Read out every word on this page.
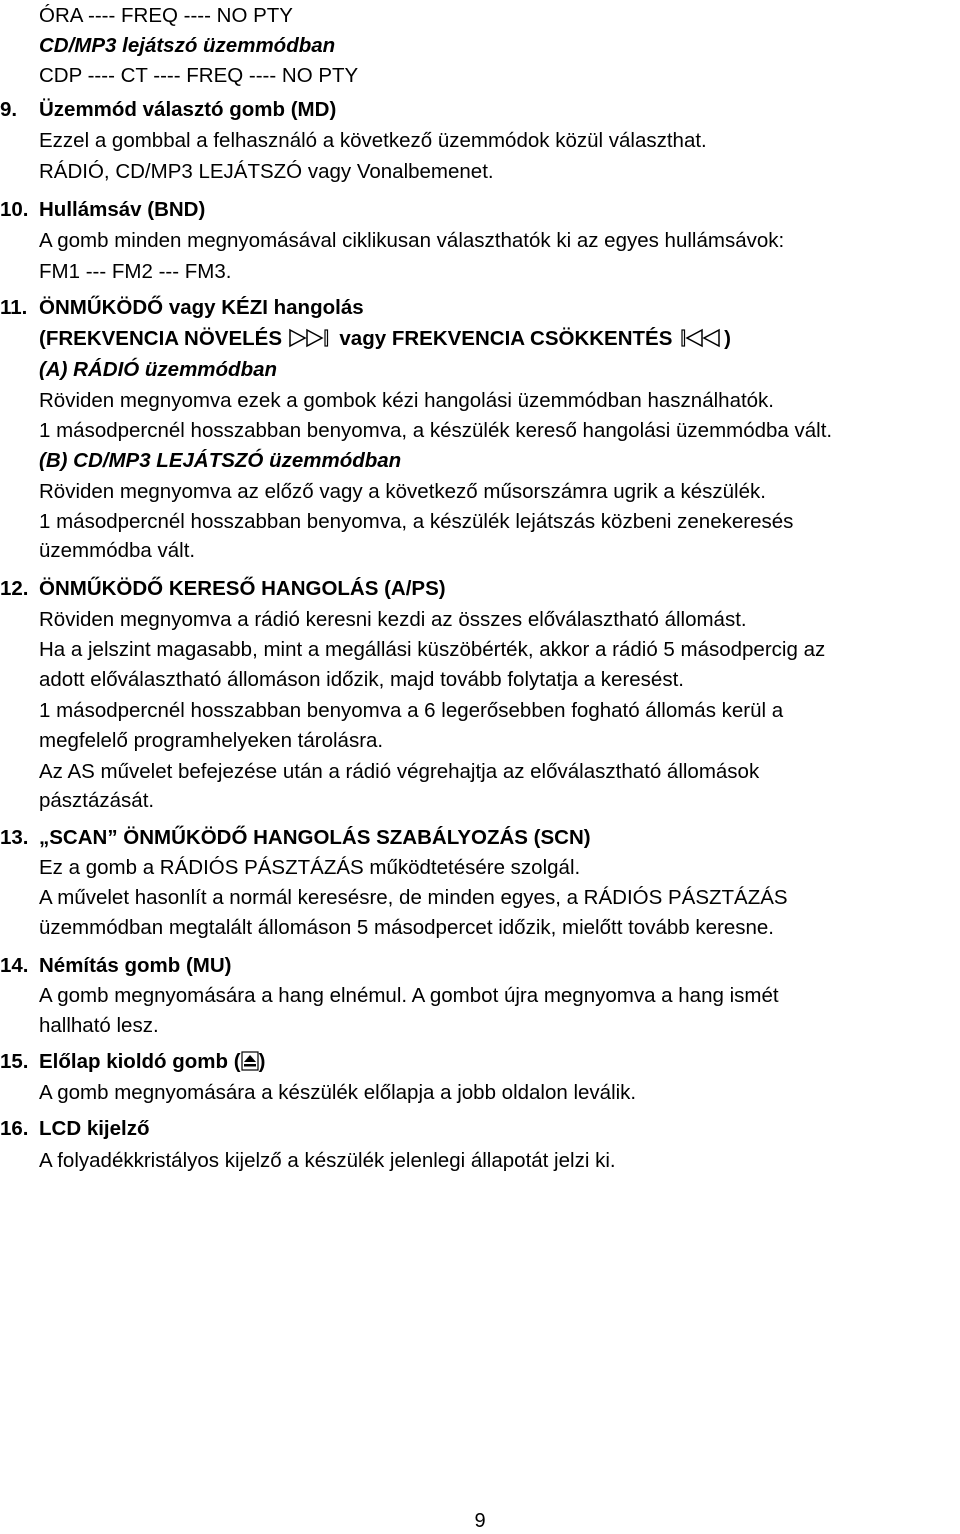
ÓRA ---- FREQ ---- NO PTY
CD/MP3 lejátszó üzemmódban
CDP ---- CT ---- FREQ ---- NO PTY
9. Üzemmód választó gomb (MD)
Ezzel a gombbal a felhasználó a következő üzemmódok közül választhat.
RÁDIÓ, CD/MP3 LEJÁTSZÓ vagy Vonalbemenet.
10. Hullámsáv (BND)
A gomb minden megnyomásával ciklikusan választhatók ki az egyes hullámsávok:
FM1 --- FM2 --- FM3.
11. ÖNMŰKÖDŐ vagy KÉZI hangolás
(FREKVENCIA NÖVELÉS	vagy FREKVENCIA CSÖKKENTÉS	)
(A) RÁDIÓ üzemmódban
Röviden megnyomva ezek a gombok kézi hangolási üzemmódban használhatók.
1 másodpercnél hosszabban benyomva, a készülék kereső hangolási üzemmódba vált.
(B) CD/MP3 LEJÁTSZÓ üzemmódban
Röviden megnyomva az előző vagy a következő műsorszámra ugrik a készülék.
1 másodpercnél hosszabban benyomva, a készülék lejátszás közbeni zenekeresés
üzemmódba vált.
12. ÖNMŰKÖDŐ KERESŐ HANGOLÁS (A/PS)
Röviden megnyomva a rádió keresni kezdi az összes előválasztható állomást.
Ha a jelszint magasabb, mint a megállási küszöbérték, akkor a rádió 5 másodpercig az
adott előválasztható állomáson időzik, majd tovább folytatja a keresést.
1 másodpercnél hosszabban benyomva a 6 legerősebben fogható állomás kerül a
megfelelő programhelyeken tárolásra.
Az AS művelet befejezése után a rádió végrehajtja az előválasztható állomások
pásztázását.
13. „SCAN” ÖNMŰKÖDŐ HANGOLÁS SZABÁLYOZÁS (SCN)
Ez a gomb a RÁDIÓS PÁSZTÁZÁS működtetésére szolgál.
A művelet hasonlít a normál keresésre, de minden egyes, a RÁDIÓS PÁSZTÁZÁS
üzemmódban megtalált állomáson 5 másodpercet időzik, mielőtt tovább keresne.
14. Némítás gomb (MU)
A gomb megnyomására a hang elnémul. A gombot újra megnyomva a hang ismét
hallható lesz.
15. Előlap kioldó gomb ( )
A gomb megnyomására a készülék előlapja a jobb oldalon leválik.
16. LCD kijelző
A folyadékkristályos kijelző a készülék jelenlegi állapotát jelzi ki.
9
